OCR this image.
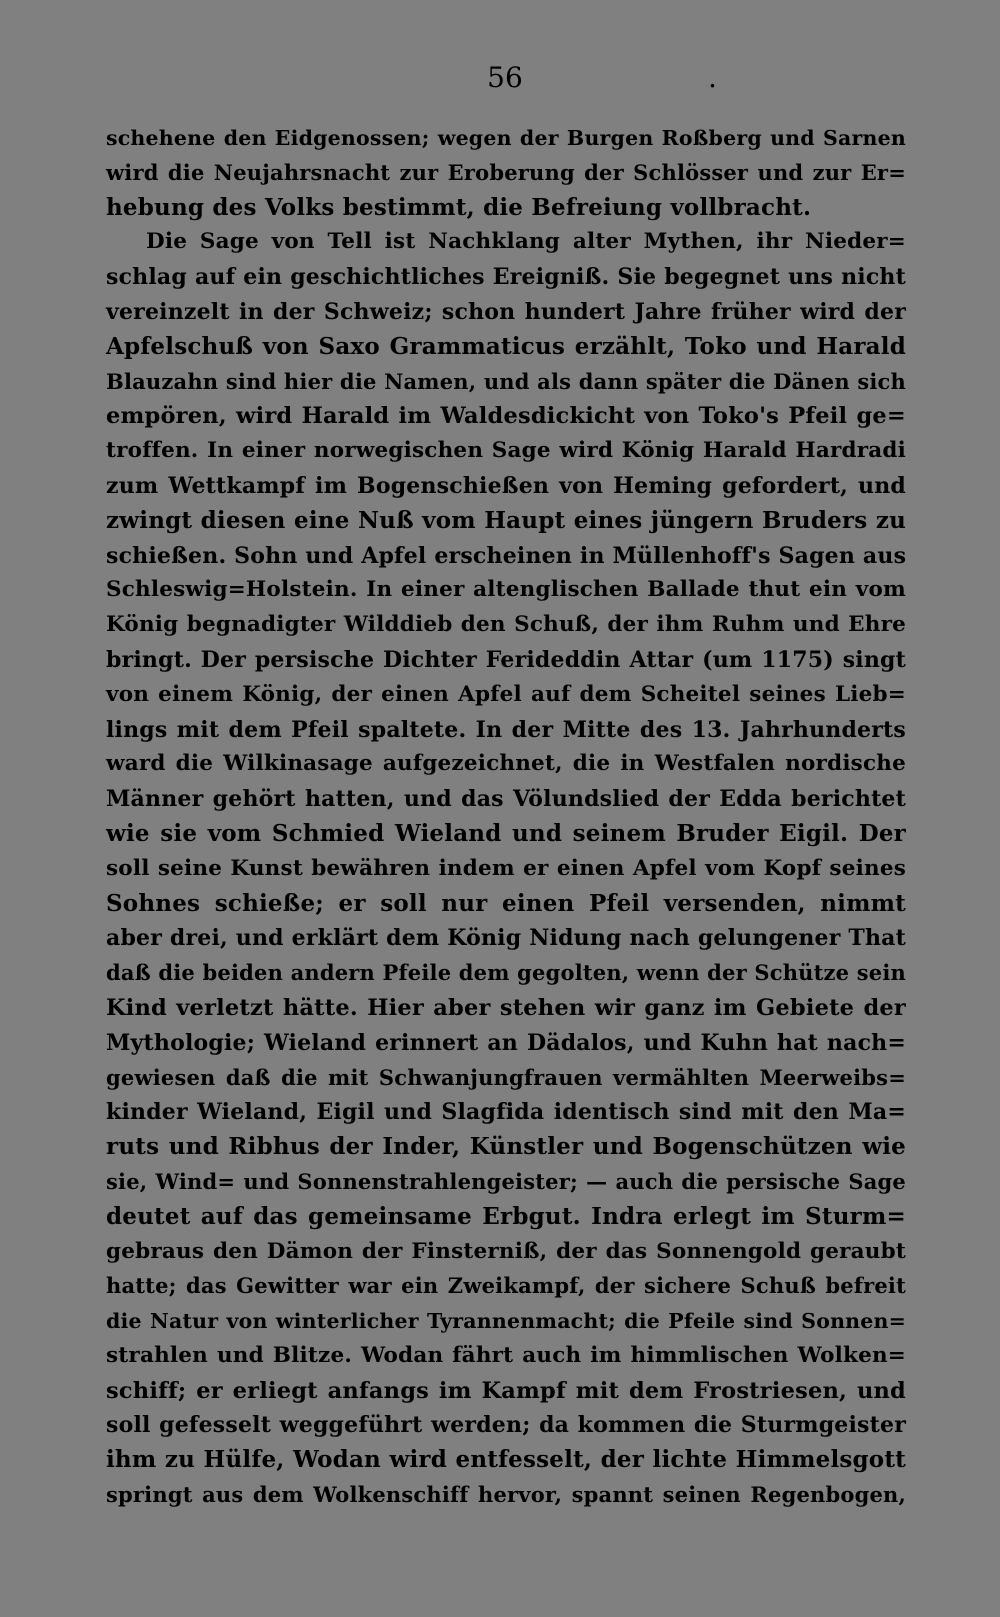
56	.
schehene den Eidgenossen; wegen der Burgen Roßberg und Sarnen
wird die Neujahrsnacht zur Eroberung der Schlösser und zur Er=
hebung des Volks bestimmt, die Befreiung vollbracht.
Die Sage von Tell ist Nachklang alter Mythen, ihr Nieder=
schlag auf ein geschichtliches Ereigniß. Sie begegnet uns nicht
vereinzelt in der Schweiz; schon hundert Jahre früher wird der
Apfelschuß von Saxo Grammaticus erzählt, Toko und Harald
Blauzahn sind hier die Namen, und als dann später die Dänen sich
empören, wird Harald im Waldesdickicht von Toko's Pfeil ge=
troffen. In einer norwegischen Sage wird König Harald Hardradi
zum Wettkampf im Bogenschießen von Heming gefordert, und
zwingt diesen eine Nuß vom Haupt eines jüngern Bruders zu
schießen. Sohn und Apfel erscheinen in Müllenhoff's Sagen aus
Schleswig=Holstein. In einer altenglischen Ballade thut ein vom
König begnadigter Wilddieb den Schuß, der ihm Ruhm und Ehre
bringt. Der persische Dichter Ferideddin Attar (um 1175) singt
von einem König, der einen Apfel auf dem Scheitel seines Lieb=
lings mit dem Pfeil spaltete. In der Mitte des 13. Jahrhunderts
ward die Wilkinasage aufgezeichnet, die in Westfalen nordische
Männer gehört hatten, und das Völundslied der Edda berichtet
wie sie vom Schmied Wieland und seinem Bruder Eigil. Der
soll seine Kunst bewähren indem er einen Apfel vom Kopf seines
Sohnes schieße; er soll nur einen Pfeil versenden, nimmt
aber drei, und erklärt dem König Nidung nach gelungener That
daß die beiden andern Pfeile dem gegolten, wenn der Schütze sein
Kind verletzt hätte. Hier aber stehen wir ganz im Gebiete der
Mythologie; Wieland erinnert an Dädalos, und Kuhn hat nach=
gewiesen daß die mit Schwanjungfrauen vermählten Meerweibs=
kinder Wieland, Eigil und Slagfida identisch sind mit den Ma=
ruts und Ribhus der Inder, Künstler und Bogenschützen wie
sie, Wind= und Sonnenstrahlengeister; — auch die persische Sage
deutet auf das gemeinsame Erbgut. Indra erlegt im Sturm=
gebraus den Dämon der Finsterniß, der das Sonnengold geraubt
hatte; das Gewitter war ein Zweikampf, der sichere Schuß befreit
die Natur von winterlicher Tyrannenmacht; die Pfeile sind Sonnen=
strahlen und Blitze. Wodan fährt auch im himmlischen Wolken=
schiff; er erliegt anfangs im Kampf mit dem Frostriesen, und
soll gefesselt weggeführt werden; da kommen die Sturmgeister
ihm zu Hülfe, Wodan wird entfesselt, der lichte Himmelsgott
springt aus dem Wolkenschiff hervor, spannt seinen Regenbogen,
